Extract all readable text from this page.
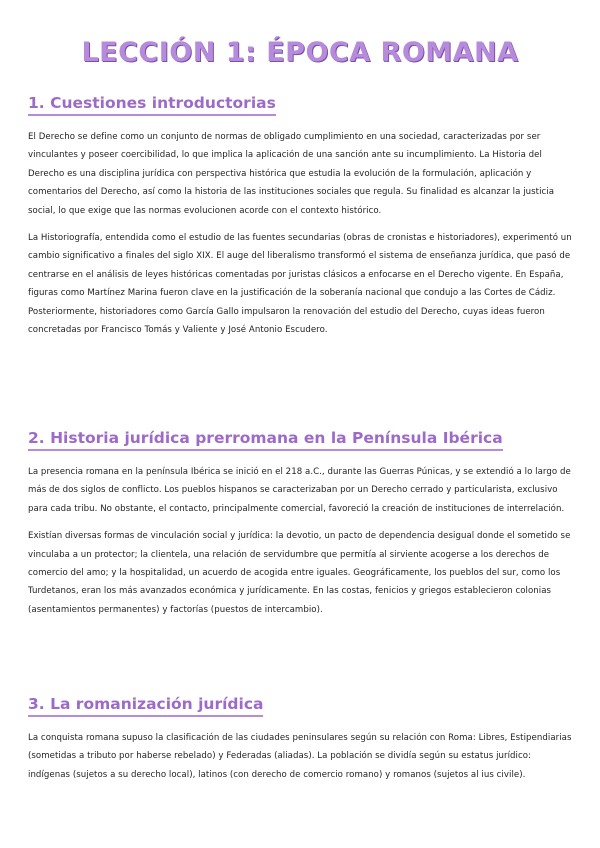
LECCIÓN 1: ÉPOCA ROMANA
1. Cuestiones introductorias

El Derecho se define como un conjunto de normas de obligado cumplimiento en una sociedad, caracterizadas por ser vinculantes y poseer coercibilidad, lo que implica la aplicación de una sanción ante su incumplimiento. La Historia del Derecho es una disciplina jurídica con perspectiva histórica que estudia la evolución de la formulación, aplicación y comentarios del Derecho, así como la historia de las instituciones sociales que regula. Su finalidad es alcanzar la justicia social, lo que exige que las normas evolucionen acorde con el contexto histórico.

La Historiografía, entendida como el estudio de las fuentes secundarias (obras de cronistas e historiadores), experimentó un cambio significativo a finales del siglo XIX. El auge del liberalismo transformó el sistema de enseñanza jurídica, que pasó de centrarse en el análisis de leyes históricas comentadas por juristas clásicos a enfocarse en el Derecho vigente. En España, figuras como Martínez Marina fueron clave en la justificación de la soberanía nacional que condujo a las Cortes de Cádiz. Posteriormente, historiadores como García Gallo impulsaron la renovación del estudio del Derecho, cuyas ideas fueron concretadas por Francisco Tomás y Valiente y José Antonio Escudero.

2. Historia jurídica prerromana en la Península Ibérica

La presencia romana en la península Ibérica se inició en el 218 a.C., durante las Guerras Púnicas, y se extendió a lo largo de más de dos siglos de conflicto. Los pueblos hispanos se caracterizaban por un Derecho cerrado y particularista, exclusivo para cada tribu. No obstante, el contacto, principalmente comercial, favoreció la creación de instituciones de interrelación.

Existían diversas formas de vinculación social y jurídica: la devotio, un pacto de dependencia desigual donde el sometido se vinculaba a un protector; la clientela, una relación de servidumbre que permitía al sirviente acogerse a los derechos de comercio del amo; y la hospitalidad, un acuerdo de acogida entre iguales. Geográficamente, los pueblos del sur, como los Turdetanos, eran los más avanzados económica y jurídicamente. En las costas, fenicios y griegos establecieron colonias (asentamientos permanentes) y factorías (puestos de intercambio).

3. La romanización jurídica

La conquista romana supuso la clasificación de las ciudades peninsulares según su relación con Roma: Libres, Estipendiarias (sometidas a tributo por haberse rebelado) y Federadas (aliadas). La población se dividía según su estatus jurídico: indígenas (sujetos a su derecho local), latinos (con derecho de comercio romano) y romanos (sujetos al ius civile).
